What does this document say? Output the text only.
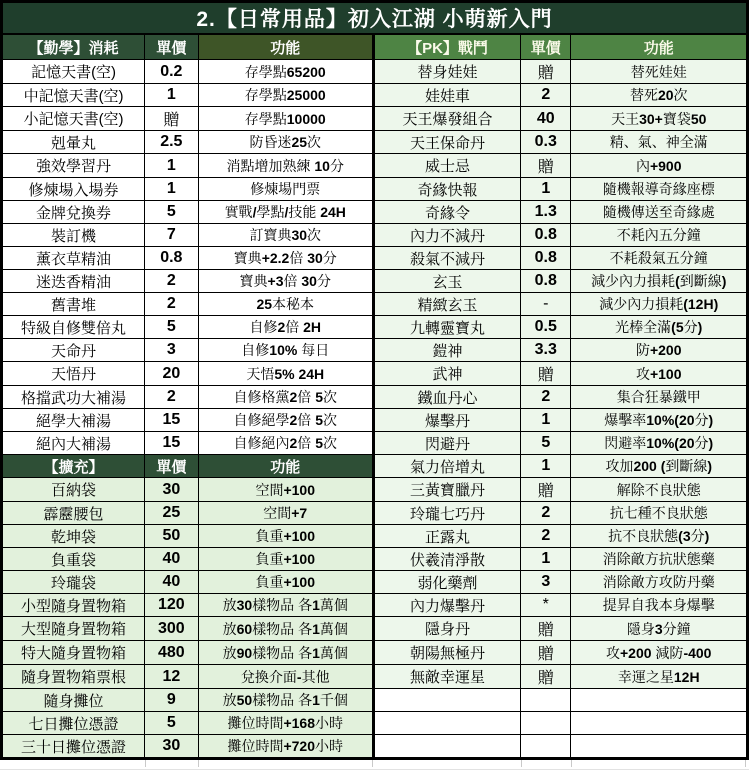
2.【日常用品】初入江湖 小萌新入門					
【勤學】消耗	單價	功能	【PK】戰鬥	單價	功能
記憶天書(空)	0.2	存學點65200	替身娃娃	贈	替死娃娃
中記憶天書(空)	1	存學點25000	娃娃車	2	替死20次
小記憶天書(空)	贈	存學點10000	天王爆發組合	40	天王30+寶袋50
剋暈丸	2.5	防昏迷25次	天王保命丹	0.3	精、氣、神全滿
強效學習丹	1	消點增加熟練 10分	威士忌	贈	內+900
修煉場入場券	1	修煉場門票	奇緣快報	1	隨機報導奇緣座標
金牌兌換券	5	實戰/學點/技能 24H	奇緣令	1.3	隨機傳送至奇緣處
裝訂機	7	訂寶典30次	內力不減丹	0.8	不耗內五分鐘
薰衣草精油	0.8	寶典+2.2倍 30分	殺氣不減丹	0.8	不耗殺氣五分鐘
迷迭香精油	2	寶典+3倍 30分	玄玉	0.8	減少內力損耗(到斷線)
舊書堆	2	25本秘本	精緻玄玉	-	減少內力損耗(12H)
特級自修雙倍丸	5	自修2倍 2H	九轉靈寶丸	0.5	光棒全滿(5分)
天命丹	3	自修10% 每日	鎧神	3.3	防+200
天悟丹	20	天悟5% 24H	武神	贈	攻+100
格擋武功大補湯	2	自修格黨2倍 5次	鐵血丹心	2	集合狂暴鐵甲
絕學大補湯	15	自修絕學2倍 5次	爆擊丹	1	爆擊率10%(20分)
絕內大補湯	15	自修絕內2倍 5次	閃避丹	5	閃避率10%(20分)
【擴充】	單價	功能	氣力倍增丸	1	攻加200 (到斷線)
百納袋	30	空間+100	三黃寶臘丹	贈	解除不良狀態
霹靂腰包	25	空間+7	玲瓏七巧丹	2	抗七種不良狀態
乾坤袋	50	負重+100	正露丸	2	抗不良狀態(3分)
負重袋	40	負重+100	伏羲清淨散	1	消除敵方抗狀態藥
玲瓏袋	40	負重+100	弱化藥劑	3	消除敵方攻防丹藥
小型隨身置物箱	120	放30樣物品 各1萬個	內力爆擊丹	*	提昇自我本身爆擊
大型隨身置物箱	300	放60樣物品 各1萬個	隱身丹	贈	隱身3分鐘
特大隨身置物箱	480	放90樣物品 各1萬個	朝陽無極丹	贈	攻+200 減防-400
隨身置物箱票根	12	兌換介面-其他	無敵幸運星	贈	幸運之星12H
隨身攤位	9	放50樣物品 各1千個			
七日攤位憑證	5	攤位時間+168小時			
三十日攤位憑證	30	攤位時間+720小時			
